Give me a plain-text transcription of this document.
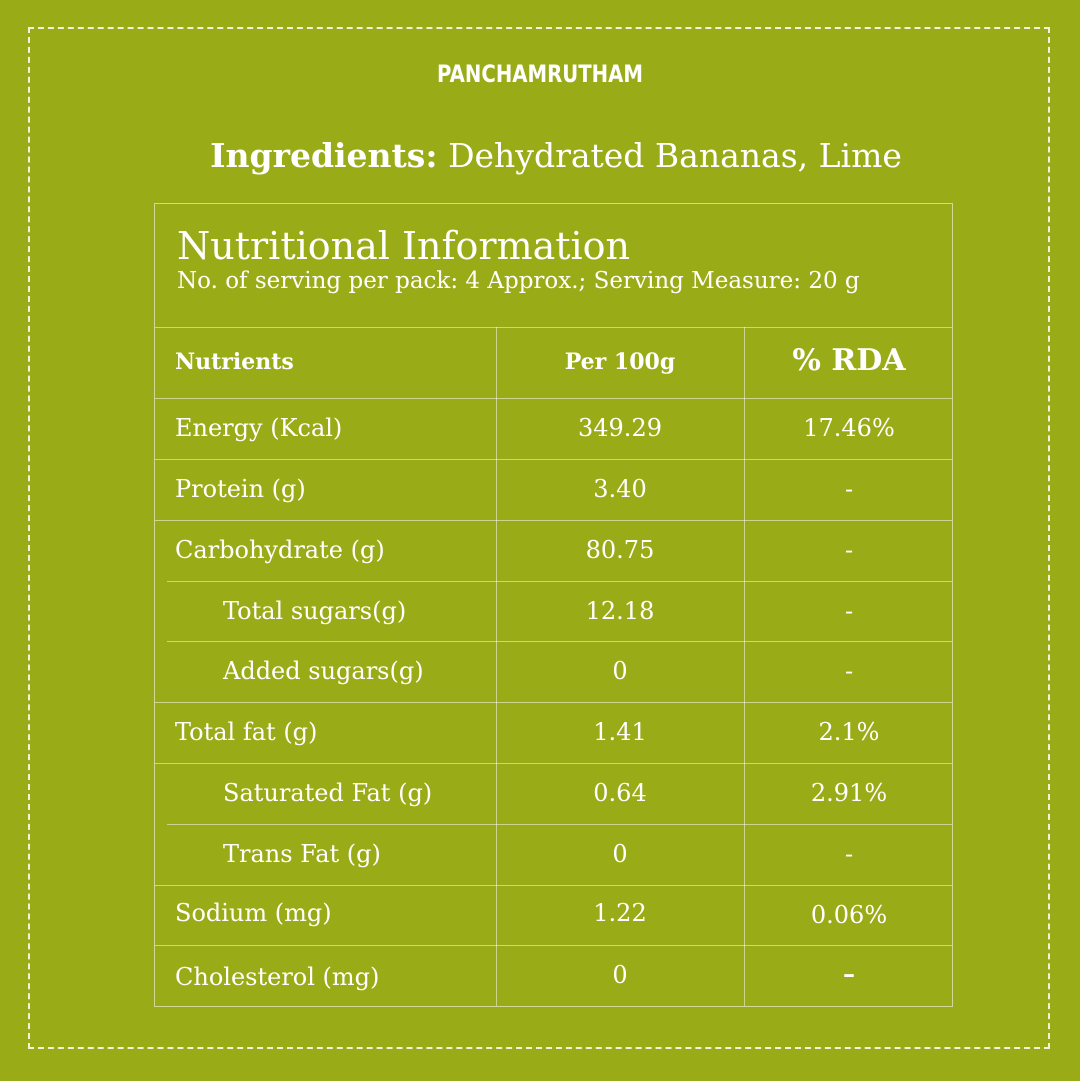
PANCHAMRUTHAM
Ingredients: Dehydrated Bananas, Lime
Nutritional Information
No. of serving per pack: 4 Approx.; Serving Measure: 20 g
Nutrients	Per 100g	% RDA
Energy (Kcal)	349.29	17.46%
Protein (g)	3.40	-
Carbohydrate (g)	80.75	-
Total sugars(g)	12.18	-
Added sugars(g)	0	-
Total fat (g)	1.41	2.1%
Saturated Fat (g)	0.64	2.91%
Trans Fat (g)	0	-
Sodium (mg)	1.22	0.06%
Cholesterol (mg)	0	–
